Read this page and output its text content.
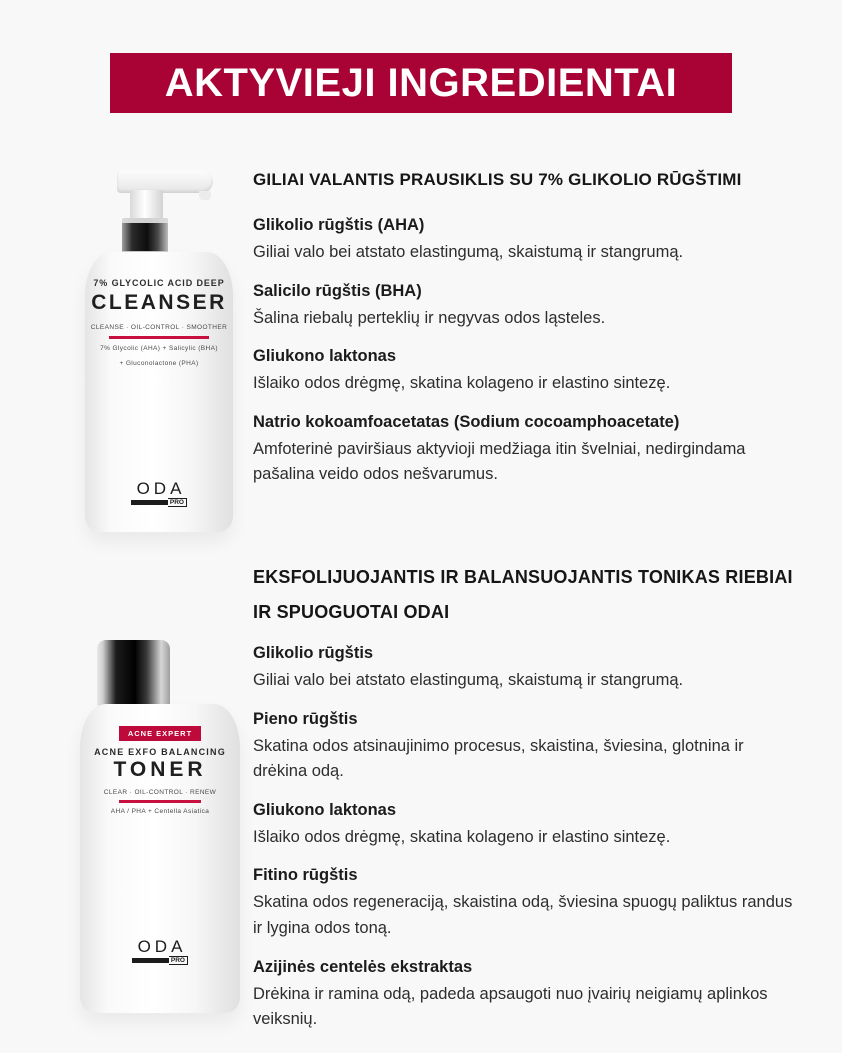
AKTYVIEJI INGREDIENTAI
7% GLYCOLIC ACID DEEP
CLEANSER
CLEANSE · OIL-CONTROL · SMOOTHER
7% Glycolic (AHA) + Salicylic (BHA)
+ Gluconolactone (PHA)
ODA
PRO
ACNE EXPERT
ACNE EXFO BALANCING
TONER
CLEAR · OIL-CONTROL · RENEW
AHA / PHA + Centella Asiatica
ODA
PRO
GILIAI VALANTIS PRAUSIKLIS SU 7% GLIKOLIO RŪGŠTIMI
Glikolio rūgštis (AHA)

Giliai valo bei atstato elastingumą, skaistumą ir stangrumą.

Salicilo rūgštis (BHA)

Šalina riebalų perteklių ir negyvas odos ląsteles.

Gliukono laktonas

Išlaiko odos drėgmę, skatina kolageno ir elastino sintezę.

Natrio kokoamfoacetatas (Sodium cocoamphoacetate)

Amfoterinė paviršiaus aktyvioji medžiaga itin švelniai, nedirgindama pašalina veido odos nešvarumus.

EKSFOLIJUOJANTIS IR BALANSUOJANTIS TONIKAS RIEBIAI IR SPUOGUOTAI ODAI
Glikolio rūgštis

Giliai valo bei atstato elastingumą, skaistumą ir stangrumą.

Pieno rūgštis

Skatina odos atsinaujinimo procesus, skaistina, šviesina, glotnina ir drėkina odą.

Gliukono laktonas

Išlaiko odos drėgmę, skatina kolageno ir elastino sintezę.

Fitino rūgštis

Skatina odos regeneraciją, skaistina odą, šviesina spuogų paliktus randus ir lygina odos toną.

Azijinės centelės ekstraktas

Drėkina ir ramina odą, padeda apsaugoti nuo įvairių neigiamų aplinkos veiksnių.
